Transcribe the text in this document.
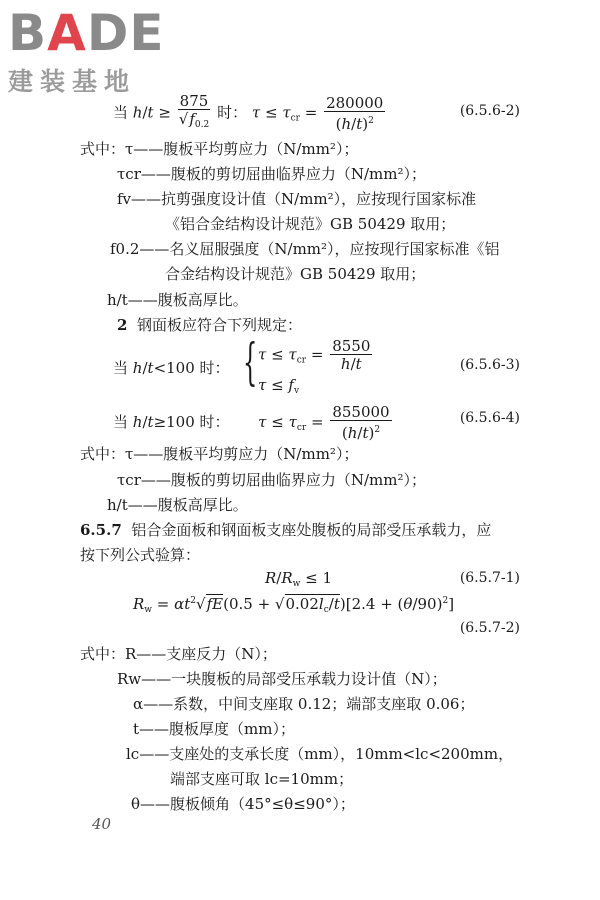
BADE
建装基地
当 $h/t \ge \frac{875}{√f_{0.2}}$ 时： $\tau \le \tau_{cr} = \frac{280000}{(h/t)^2}$	(6.5.6-2)
式中：τ——腹板平均剪应力（N/mm²）；
τcr——腹板的剪切屈曲临界应力（N/mm²）；
fv——抗剪强度设计值（N/mm²），应按现行国家标准
《铝合金结构设计规范》GB 50429 取用；
f0.2——名义屈服强度（N/mm²），应按现行国家标准《铝
合金结构设计规范》GB 50429 取用；
h/t——腹板高厚比。
2 钢面板应符合下列规定：
当 h/t<100 时： { $\tau \le \tau_{cr} = \frac{8550}{h/t}$
$\tau \le f_v$
(6.5.6-3)
当 h/t≥100 时： $\tau \le \tau_{cr} = \frac{855000}{(h/t)^2}$	(6.5.6-4)
式中：τ——腹板平均剪应力（N/mm²）；
τcr——腹板的剪切屈曲临界应力（N/mm²）；
h/t——腹板高厚比。
6.5.7 铝合金面板和钢面板支座处腹板的局部受压承载力，应
按下列公式验算：
$R/R_w \le 1$	(6.5.7-1)
$R_w = \alpha t^2√fE(0.5 + √0.02l_c/t)[2.4 + (\theta/90)^2]$
(6.5.7-2)
式中：R——支座反力（N）；
Rw——一块腹板的局部受压承载力设计值（N）；
α——系数，中间支座取 0.12；端部支座取 0.06；
t——腹板厚度（mm）；
lc——支座处的支承长度（mm），10mm<lc<200mm，
端部支座可取 lc=10mm；
θ——腹板倾角（45°≤θ≤90°）；
40
